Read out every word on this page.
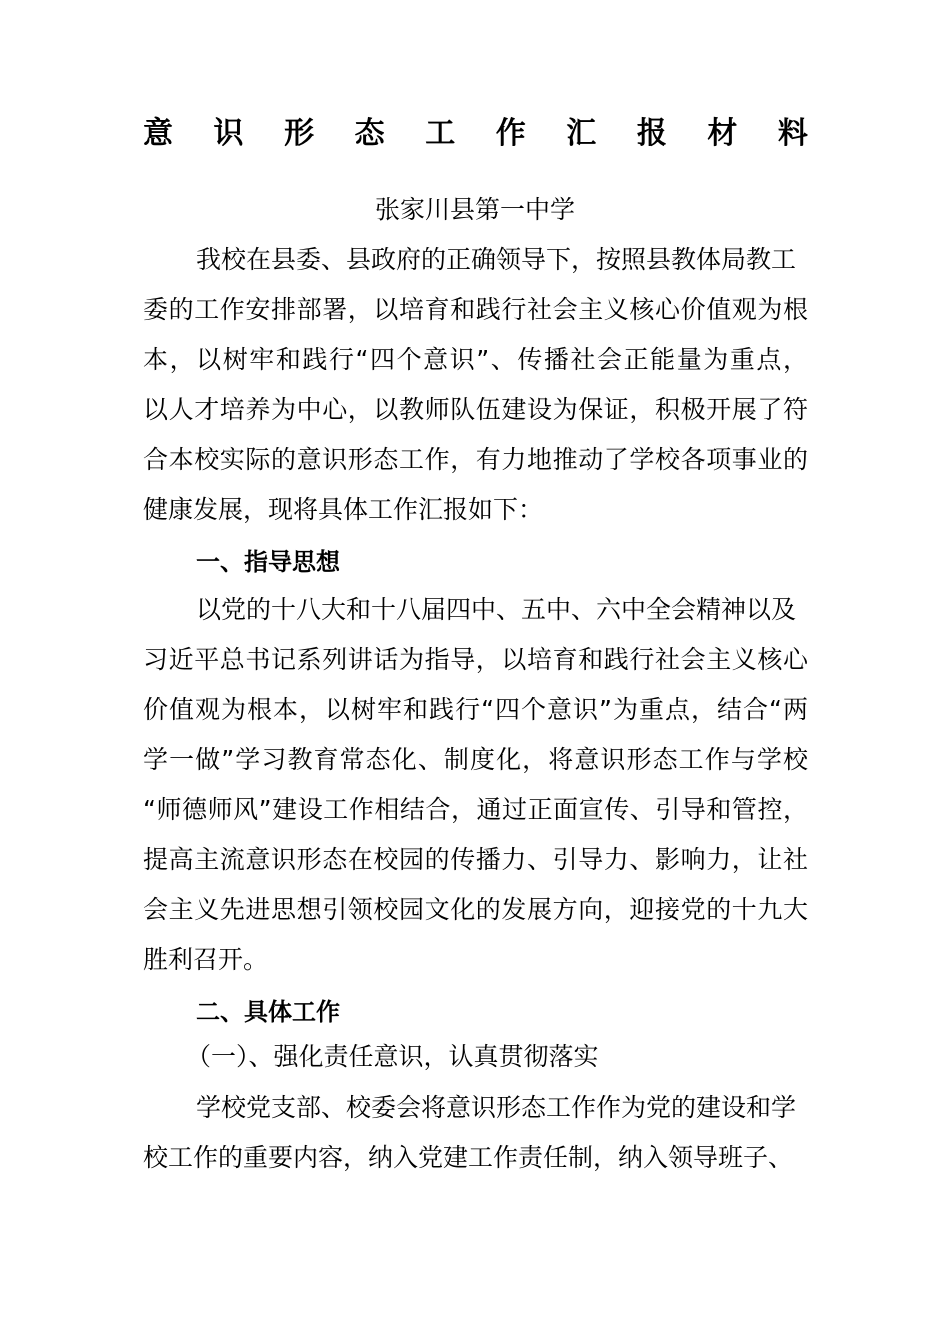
意 识 形 态 工 作 汇 报 材 料
张家川县第一中学
我校在县委、县政府的正确领导下，按照县教体局教工
委的工作安排部署，以培育和践行社会主义核心价值观为根
本，以树牢和践行“四个意识”、传播社会正能量为重点，
以人才培养为中心，以教师队伍建设为保证，积极开展了符
合本校实际的意识形态工作，有力地推动了学校各项事业的
健康发展，现将具体工作汇报如下：
一、指导思想
以党的十八大和十八届四中、五中、六中全会精神以及
习近平总书记系列讲话为指导，以培育和践行社会主义核心
价值观为根本，以树牢和践行“四个意识”为重点，结合“两
学一做”学习教育常态化、制度化，将意识形态工作与学校
“师德师风”建设工作相结合，通过正面宣传、引导和管控，
提高主流意识形态在校园的传播力、引导力、影响力，让社
会主义先进思想引领校园文化的发展方向，迎接党的十九大
胜利召开。
二、具体工作
（一）、强化责任意识，认真贯彻落实
学校党支部、校委会将意识形态工作作为党的建设和学
校工作的重要内容，纳入党建工作责任制，纳入领导班子、
